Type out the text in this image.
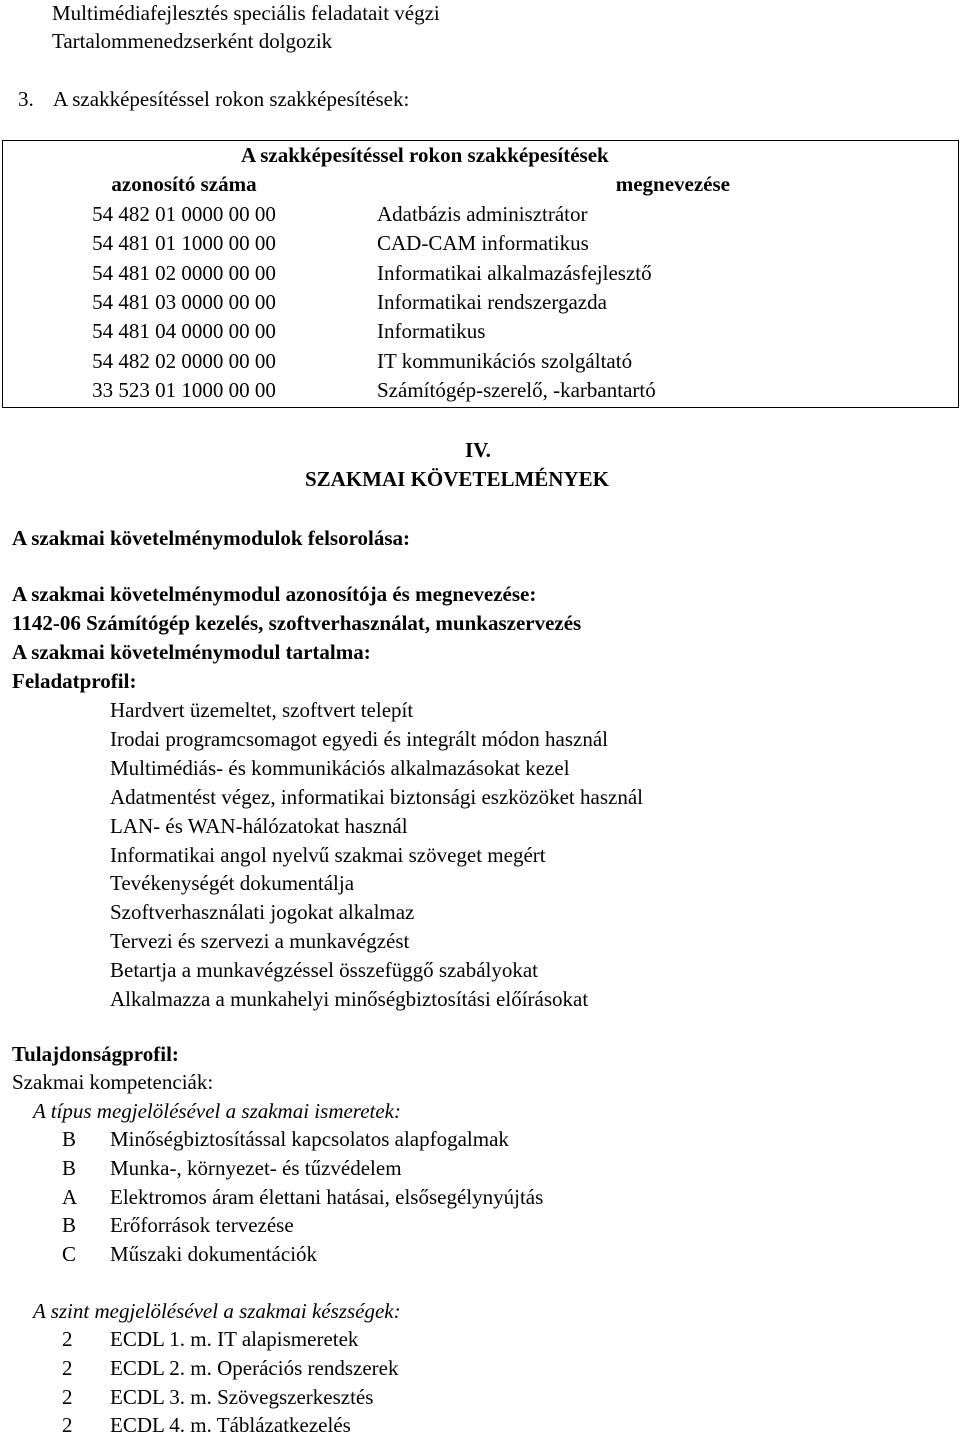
Multimédiafejlesztés speciális feladatait végzi
Tartalommenedzserként dolgozik
3. A szakképesítéssel rokon szakképesítések:
A szakképesítéssel rokon szakképesítések	

azonosító száma	megnevezése
54 482 01 0000 00 00	Adatbázis adminisztrátor
54 481 01 1000 00 00	CAD-CAM informatikus
54 481 02 0000 00 00	Informatikai alkalmazásfejlesztő
54 481 03 0000 00 00	Informatikai rendszergazda
54 481 04 0000 00 00	Informatikus
54 482 02 0000 00 00	IT kommunikációs szolgáltató
33 523 01 1000 00 00	Számítógép-szerelő, -karbantartó
IV.
SZAKMAI KÖVETELMÉNYEK
A szakmai követelménymodulok felsorolása:
A szakmai követelménymodul azonosítója és megnevezése:
1142-06 Számítógép kezelés, szoftverhasználat, munkaszervezés
A szakmai követelménymodul tartalma:
Feladatprofil:
Hardvert üzemeltet, szoftvert telepít
Irodai programcsomagot egyedi és integrált módon használ
Multimédiás- és kommunikációs alkalmazásokat kezel
Adatmentést végez, informatikai biztonsági eszközöket használ
LAN- és WAN-hálózatokat használ
Informatikai angol nyelvű szakmai szöveget megért
Tevékenységét dokumentálja
Szoftverhasználati jogokat alkalmaz
Tervezi és szervezi a munkavégzést
Betartja a munkavégzéssel összefüggő szabályokat
Alkalmazza a munkahelyi minőségbiztosítási előírásokat
Tulajdonságprofil:
Szakmai kompetenciák:
A típus megjelölésével a szakmai ismeretek:
B Minőségbiztosítással kapcsolatos alapfogalmak
B Munka-, környezet- és tűzvédelem
A Elektromos áram élettani hatásai, elsősegélynyújtás
B Erőforrások tervezése
C Műszaki dokumentációk
A szint megjelölésével a szakmai készségek:
2 ECDL 1. m. IT alapismeretek
2 ECDL 2. m. Operációs rendszerek
2 ECDL 3. m. Szövegszerkesztés
2 ECDL 4. m. Táblázatkezelés
